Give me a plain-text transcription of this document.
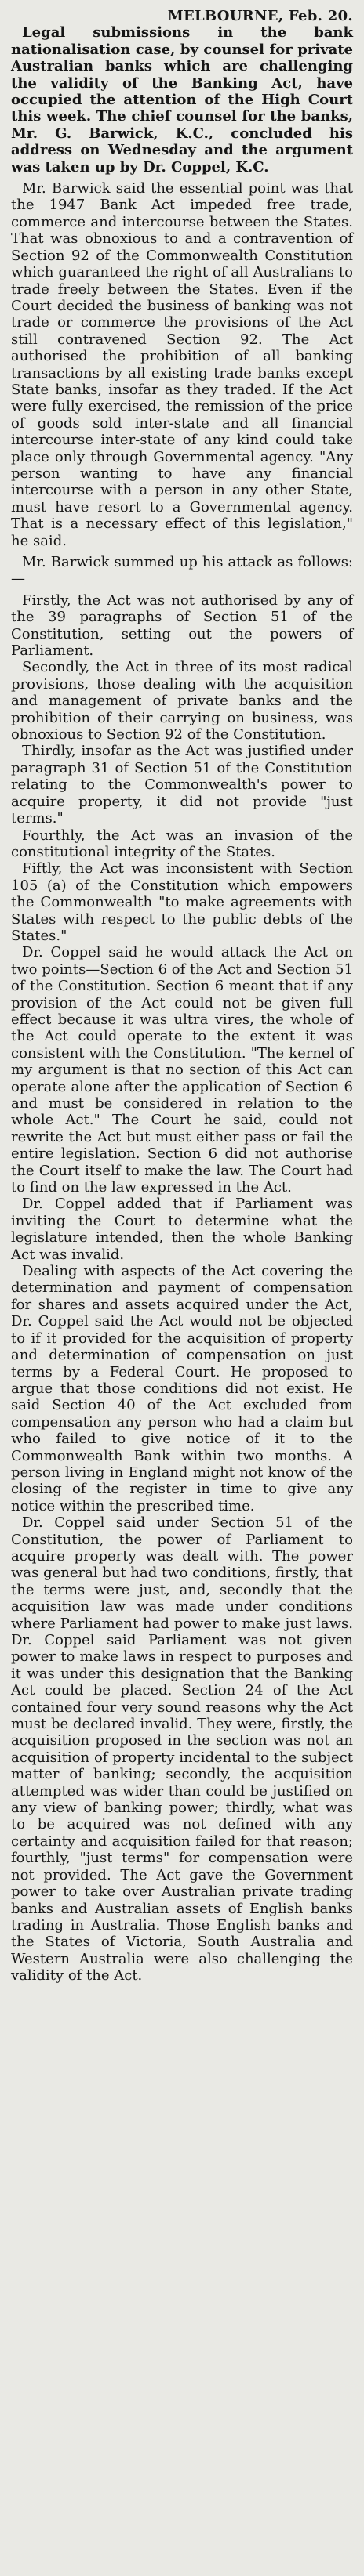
MELBOURNE, Feb. 20.

Legal submissions in the bank nationalisation case, by counsel for private Australian banks which are challenging the validity of the Banking Act, have occupied the attention of the High Court this week. The chief counsel for the banks, Mr. G. Barwick, K.C., concluded his address on Wednesday and the argument was taken up by Dr. Coppel, K.C.

Mr. Barwick said the essential point was that the 1947 Bank Act impeded free trade, commerce and intercourse between the States. That was obnoxious to and a contravention of Section 92 of the Commonwealth Constitution which guaranteed the right of all Australians to trade freely between the States. Even if the Court decided the business of banking was not trade or commerce the provisions of the Act still contravened Section 92. The Act authorised the prohibition of all banking transactions by all existing trade banks except State banks, insofar as they traded. If the Act were fully exercised, the remission of the price of goods sold inter-state and all financial intercourse inter-state of any kind could take place only through Governmental agency. "Any person wanting to have any financial intercourse with a person in any other State, must have resort to a Governmental agency. That is a necessary effect of this legislation," he said.

Mr. Barwick summed up his attack as follows:—

Firstly, the Act was not authorised by any of the 39 paragraphs of Section 51 of the Constitution, setting out the powers of Parliament.

Secondly, the Act in three of its most radical provisions, those dealing with the acquisition and management of private banks and the prohibition of their carrying on business, was obnoxious to Section 92 of the Constitution.

Thirdly, insofar as the Act was justified under paragraph 31 of Section 51 of the Constitution relating to the Commonwealth's power to acquire property, it did not provide "just terms."

Fourthly, the Act was an invasion of the constitutional integrity of the States.

Fiftly, the Act was inconsistent with Section 105 (a) of the Constitution which empowers the Commonwealth "to make agreements with States with respect to the public debts of the States."

Dr. Coppel said he would attack the Act on two points—Section 6 of the Act and Section 51 of the Constitution. Section 6 meant that if any provision of the Act could not be given full effect because it was ultra vires, the whole of the Act could operate to the extent it was consistent with the Constitution. "The kernel of my argument is that no section of this Act can operate alone after the application of Section 6 and must be considered in relation to the whole Act." The Court he said, could not rewrite the Act but must either pass or fail the entire legislation. Section 6 did not authorise the Court itself to make the law. The Court had to find on the law expressed in the Act.

Dr. Coppel added that if Parliament was inviting the Court to determine what the legislature intended, then the whole Banking Act was invalid.

Dealing with aspects of the Act covering the determination and payment of compensation for shares and assets acquired under the Act, Dr. Coppel said the Act would not be objected to if it provided for the acquisition of property and determination of compensation on just terms by a Federal Court. He proposed to argue that those conditions did not exist. He said Section 40 of the Act excluded from compensation any person who had a claim but who failed to give notice of it to the Commonwealth Bank within two months. A person living in England might not know of the closing of the register in time to give any notice within the prescribed time.

Dr. Coppel said under Section 51 of the Constitution, the power of Parliament to acquire property was dealt with. The power was general but had two conditions, firstly, that the terms were just, and, secondly that the acquisition law was made under conditions where Parliament had power to make just laws. Dr. Coppel said Parliament was not given power to make laws in respect to purposes and it was under this designation that the Banking Act could be placed. Section 24 of the Act contained four very sound reasons why the Act must be declared invalid. They were, firstly, the acquisition proposed in the section was not an acquisition of property incidental to the subject matter of banking; secondly, the acquisition attempted was wider than could be justified on any view of banking power; thirdly, what was to be acquired was not defined with any certainty and acquisition failed for that reason; fourthly, "just terms" for compensation were not provided. The Act gave the Government power to take over Australian private trading banks and Australian assets of English banks trading in Australia. Those English banks and the States of Victoria, South Australia and Western Australia were also challenging the validity of the Act.
